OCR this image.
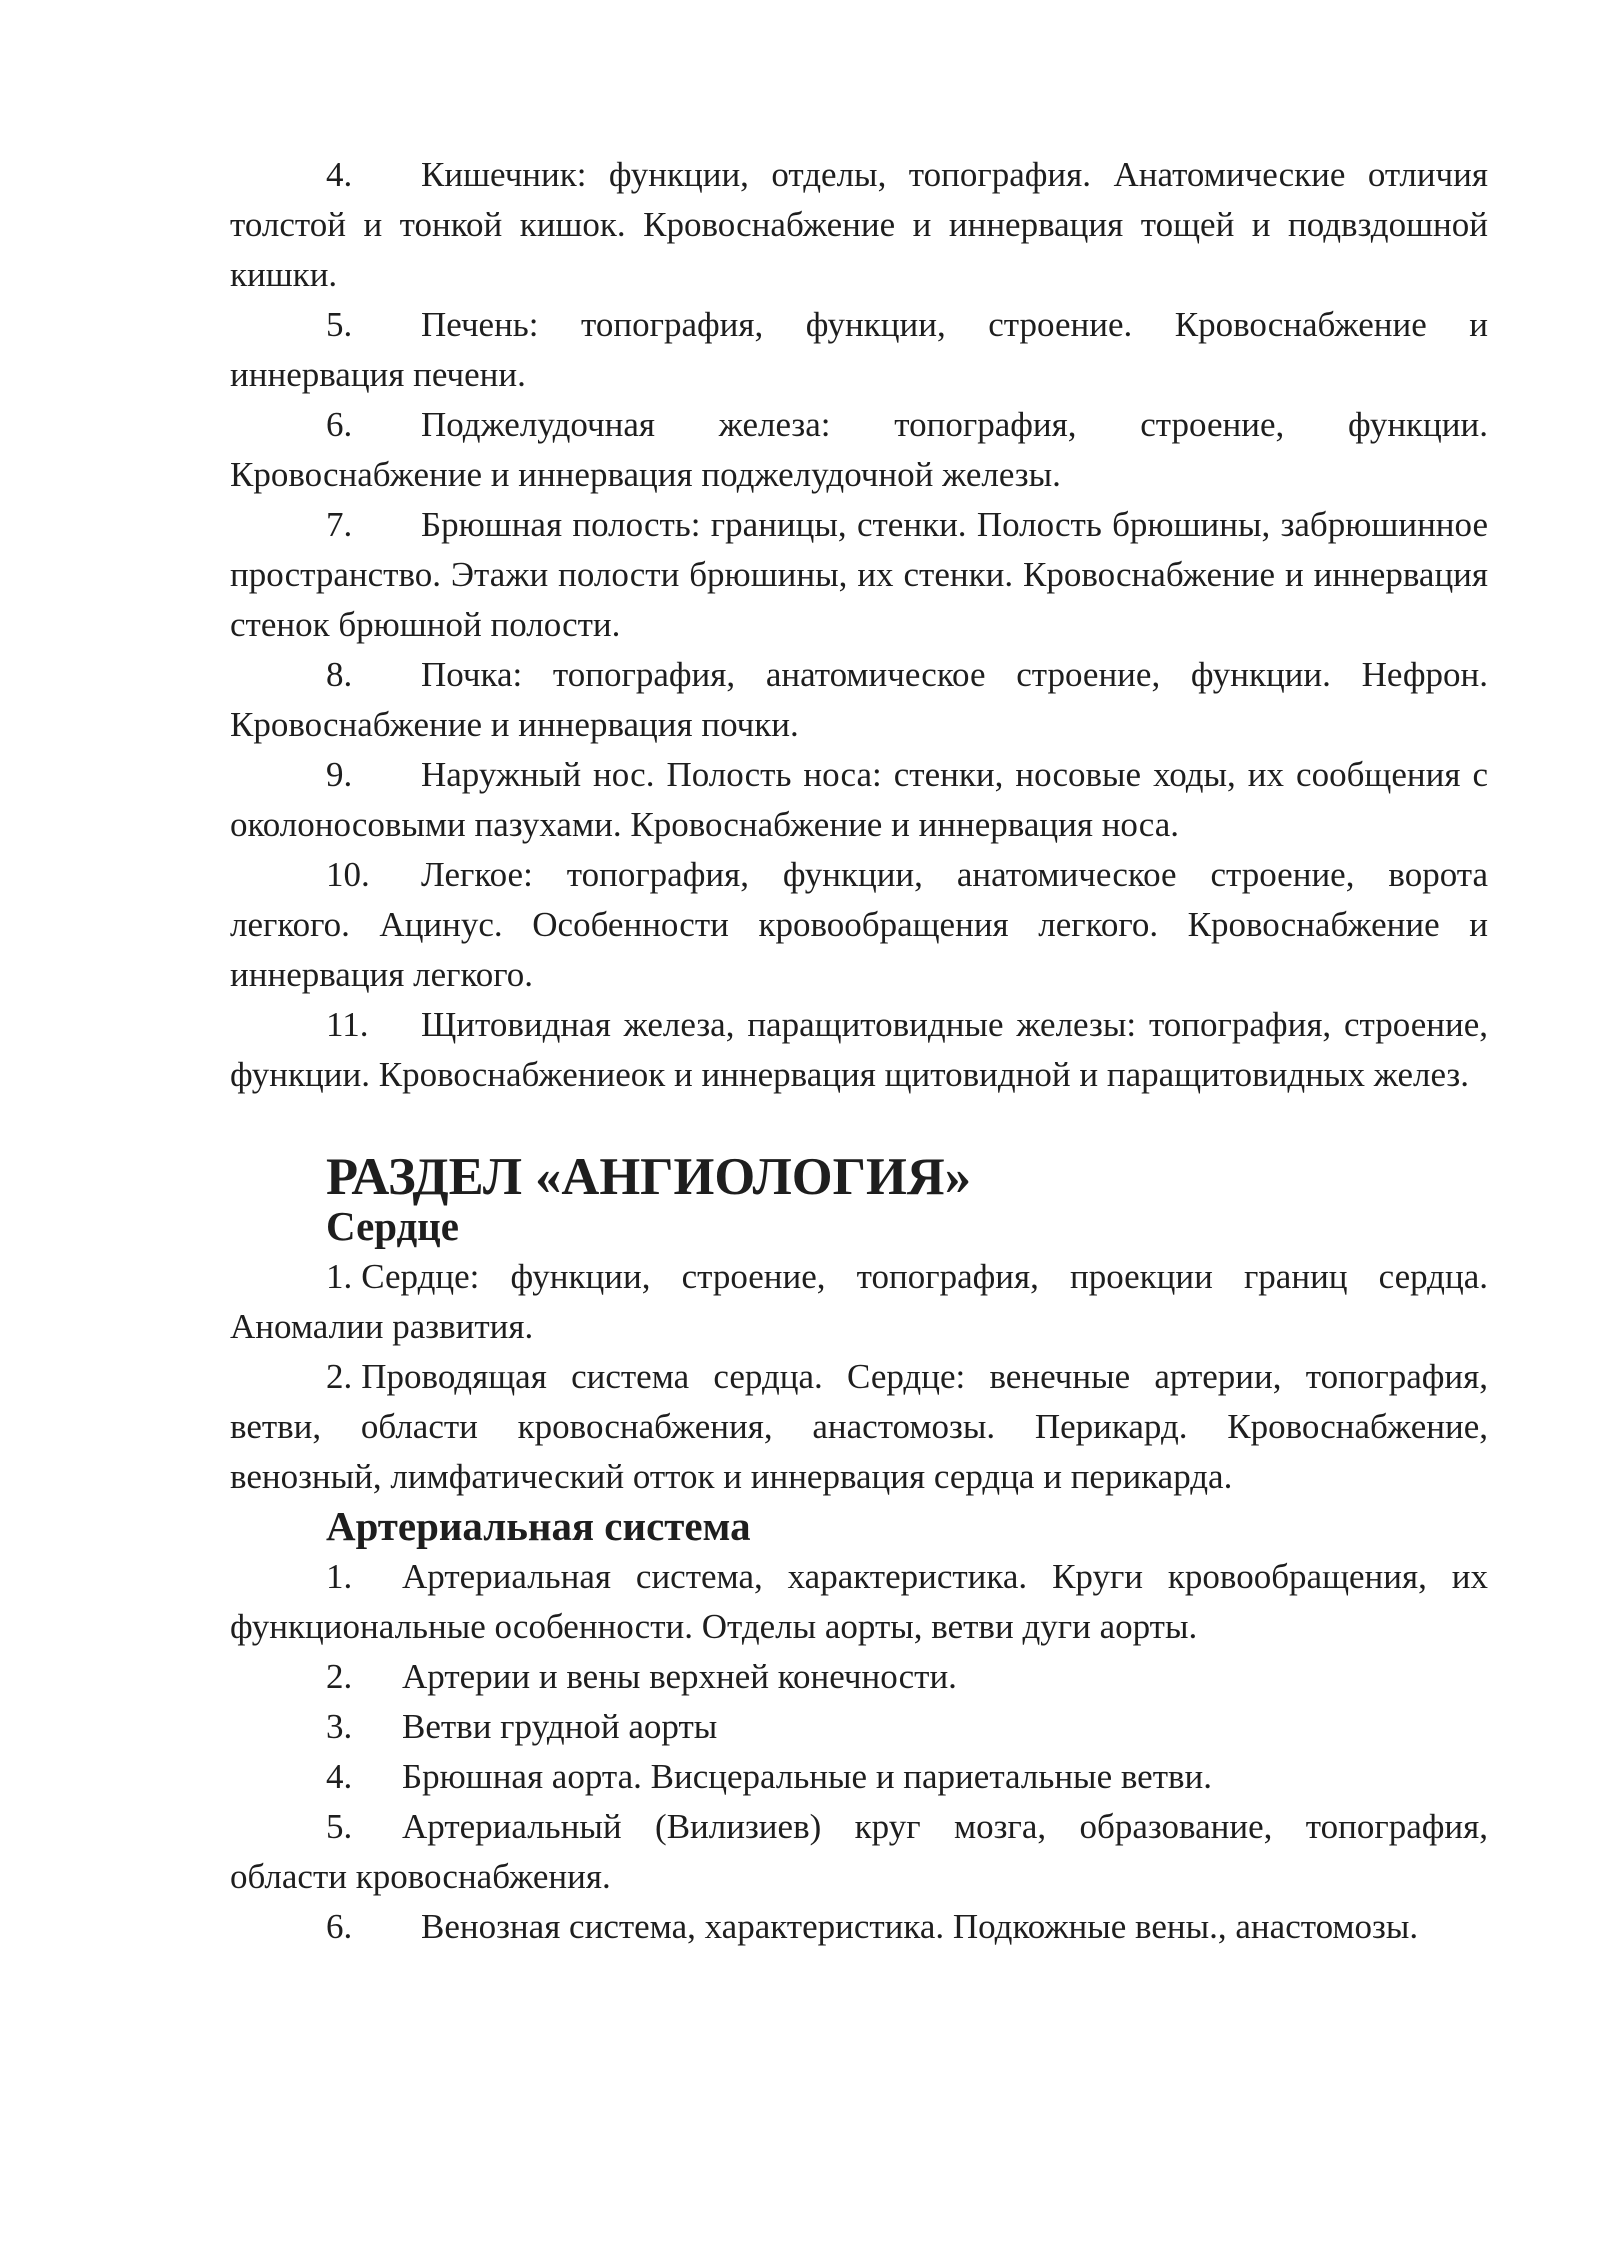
4. Кишечник: функции, отделы, топография. Анатомические отличия толстой и тонкой кишок. Кровоснабжение и иннервация тощей и подвздошной кишки.

5. Печень: топография, функции, строение. Кровоснабжение и иннервация печени.

6. Поджелудочная железа: топография, строение, функции. Кровоснабжение и иннервация поджелудочной железы.

7. Брюшная полость: границы, стенки. Полость брюшины, забрюшинное пространство. Этажи полости брюшины, их стенки. Кровоснабжение и иннервация стенок брюшной полости.

8. Почка: топография, анатомическое строение, функции. Нефрон. Кровоснабжение и иннервация почки.

9. Наружный нос. Полость носа: стенки, носовые ходы, их сообщения с околоносовыми пазухами. Кровоснабжение и иннервация носа.

10. Легкое: топография, функции, анатомическое строение, ворота легкого. Ацинус. Особенности кровообращения легкого. Кровоснабжение и иннервация легкого.

11. Щитовидная железа, паращитовидные железы: топография, строение, функции. Кровоснабжениеок и иннервация щитовидной и паращитовидных желез.

РАЗДЕЛ «АНГИОЛОГИЯ»
Сердце

1. Сердце: функции, строение, топография, проекции границ сердца. Аномалии развития.

2. Проводящая система сердца. Сердце: венечные артерии, топография, ветви, области кровоснабжения, анастомозы. Перикард. Кровоснабжение, венозный, лимфатический отток и иннервация сердца и перикарда.

Артериальная система

1. Артериальная система, характеристика. Круги кровообращения, их функциональные особенности. Отделы аорты, ветви дуги аорты.

2. Артерии и вены верхней конечности.

3. Ветви грудной аорты

4. Брюшная аорта. Висцеральные и париетальные ветви.

5. Артериальный (Вилизиев) круг мозга, образование, топография, области кровоснабжения.

6. Венозная система, характеристика. Подкожные вены., анастомозы.
